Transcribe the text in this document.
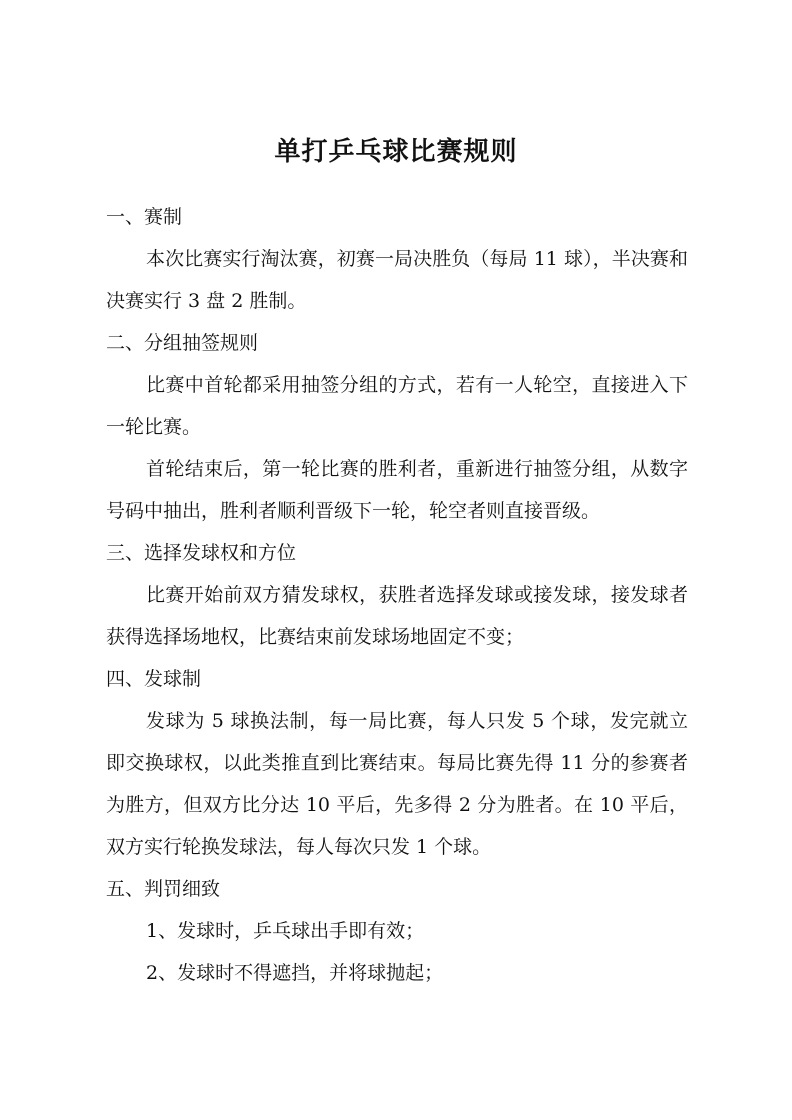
单打乒乓球比赛规则

一、赛制

本次比赛实行淘汰赛，初赛一局决胜负（每局 11 球），半决赛和决赛实行 3 盘 2 胜制。

二、分组抽签规则

比赛中首轮都采用抽签分组的方式，若有一人轮空，直接进入下一轮比赛。

首轮结束后，第一轮比赛的胜利者，重新进行抽签分组，从数字号码中抽出，胜利者顺利晋级下一轮，轮空者则直接晋级。

三、选择发球权和方位

比赛开始前双方猜发球权，获胜者选择发球或接发球，接发球者获得选择场地权，比赛结束前发球场地固定不变；

四、发球制

发球为 5 球换法制，每一局比赛，每人只发 5 个球，发完就立即交换球权，以此类推直到比赛结束。每局比赛先得 11 分的参赛者为胜方，但双方比分达 10 平后，先多得 2 分为胜者。在 10 平后，双方实行轮换发球法，每人每次只发 1 个球。

五、判罚细致

1、发球时，乒乓球出手即有效；

2、发球时不得遮挡，并将球抛起；
